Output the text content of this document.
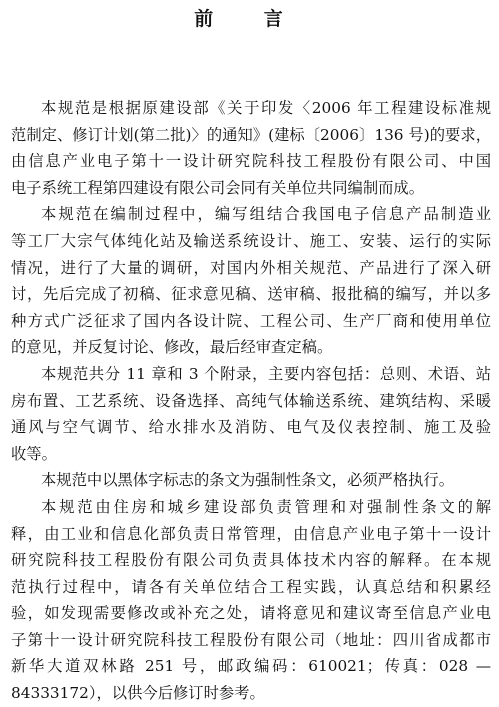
前 言
本规范是根据原建设部《关于印发〈2006 年工程建设标准规
范制定、修订计划(第二批)〉的通知》(建标〔2006〕136 号)的要求，
由信息产业电子第十一设计研究院科技工程股份有限公司、中国
电子系统工程第四建设有限公司会同有关单位共同编制而成。
本规范在编制过程中，编写组结合我国电子信息产品制造业
等工厂大宗气体纯化站及输送系统设计、施工、安装、运行的实际
情况，进行了大量的调研，对国内外相关规范、产品进行了深入研
讨，先后完成了初稿、征求意见稿、送审稿、报批稿的编写，并以多
种方式广泛征求了国内各设计院、工程公司、生产厂商和使用单位
的意见，并反复讨论、修改，最后经审查定稿。
本规范共分 11 章和 3 个附录，主要内容包括：总则、术语、站
房布置、工艺系统、设备选择、高纯气体输送系统、建筑结构、采暖
通风与空气调节、给水排水及消防、电气及仪表控制、施工及验
收等。
本规范中以黑体字标志的条文为强制性条文，必须严格执行。
本规范由住房和城乡建设部负责管理和对强制性条文的解
释，由工业和信息化部负责日常管理，由信息产业电子第十一设计
研究院科技工程股份有限公司负责具体技术内容的解释。在本规
范执行过程中，请各有关单位结合工程实践，认真总结和积累经
验，如发现需要修改或补充之处，请将意见和建议寄至信息产业电
子第十一设计研究院科技工程股份有限公司（地址：四川省成都市
新华大道双林路 251 号，邮政编码：610021；传真：028 —
84333172），以供今后修订时参考。
